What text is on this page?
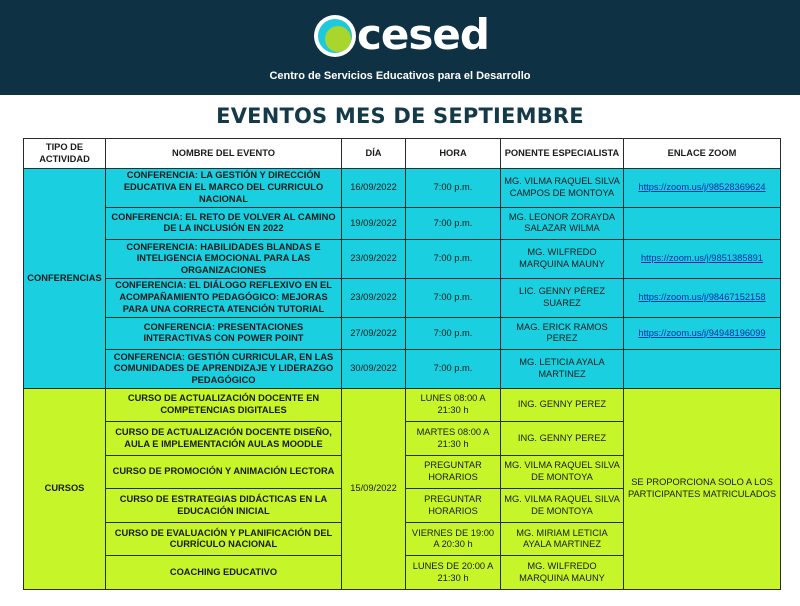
cesed
Centro de Servicios Educativos para el Desarrollo
EVENTOS MES DE SEPTIEMBRE
TIPO DE ACTIVIDAD	NOMBRE DEL EVENTO	DÍA	HORA	PONENTE ESPECIALISTA	ENLACE ZOOM
CONFERENCIAS	CONFERENCIA: LA GESTIÓN Y DIRECCIÓN EDUCATIVA EN EL MARCO DEL CURRICULO NACIONAL	16/09/2022	7:00 p.m.	MG. VILMA RAQUEL SILVA CAMPOS DE MONTOYA	https://zoom.us/j/98528369624
	CONFERENCIA: EL RETO DE VOLVER AL CAMINO DE LA INCLUSIÓN EN 2022	19/09/2022	7:00 p.m.	MG. LEONOR ZORAYDA SALAZAR WILMA	
	CONFERENCIA: HABILIDADES BLANDAS E INTELIGENCIA EMOCIONAL PARA LAS ORGANIZACIONES	23/09/2022	7:00 p.m.	MG. WILFREDO MARQUINA MAUNY	https://zoom.us/j/9851385891
	CONFERENCIA: EL DIÁLOGO REFLEXIVO EN EL ACOMPAÑAMIENTO PEDAGÓGICO: MEJORAS PARA UNA CORRECTA ATENCIÓN TUTORIAL	23/09/2022	7:00 p.m.	LIC. GENNY PÉREZ SUAREZ	https://zoom.us/j/98467152158
	CONFERENCIA: PRESENTACIONES INTERACTIVAS CON POWER POINT	27/09/2022	7:00 p.m.	MAG. ERICK RAMOS PEREZ	https://zoom.us/j/94948196099
	CONFERENCIA: GESTIÓN CURRICULAR, EN LAS COMUNIDADES DE APRENDIZAJE Y LIDERAZGO PEDAGÓGICO	30/09/2022	7:00 p.m.	MG. LETICIA AYALA MARTINEZ	
CURSOS	CURSO DE ACTUALIZACIÓN DOCENTE EN COMPETENCIAS DIGITALES	15/09/2022	LUNES 08:00 A 21:30 h	ING. GENNY PEREZ	SE PROPORCIONA SOLO A LOS PARTICIPANTES MATRICULADOS
	CURSO DE ACTUALIZACIÓN DOCENTE DISEÑO, AULA E IMPLEMENTACIÓN AULAS MOODLE		MARTES 08:00 A 21:30 h	ING. GENNY PEREZ	
	CURSO DE PROMOCIÓN Y ANIMACIÓN LECTORA		PREGUNTAR HORARIOS	MG. VILMA RAQUEL SILVA DE MONTOYA	
	CURSO DE ESTRATEGIAS DIDÁCTICAS EN LA EDUCACIÓN INICIAL		PREGUNTAR HORARIOS	MG. VILMA RAQUEL SILVA DE MONTOYA	
	CURSO DE EVALUACIÓN Y PLANIFICACIÓN DEL CURRÍCULO NACIONAL		VIERNES DE 19:00 A 20:30 h	MG. MIRIAM LETICIA AYALA MARTINEZ	
	COACHING EDUCATIVO		LUNES DE 20:00 A 21:30 h	MG. WILFREDO MARQUINA MAUNY	
